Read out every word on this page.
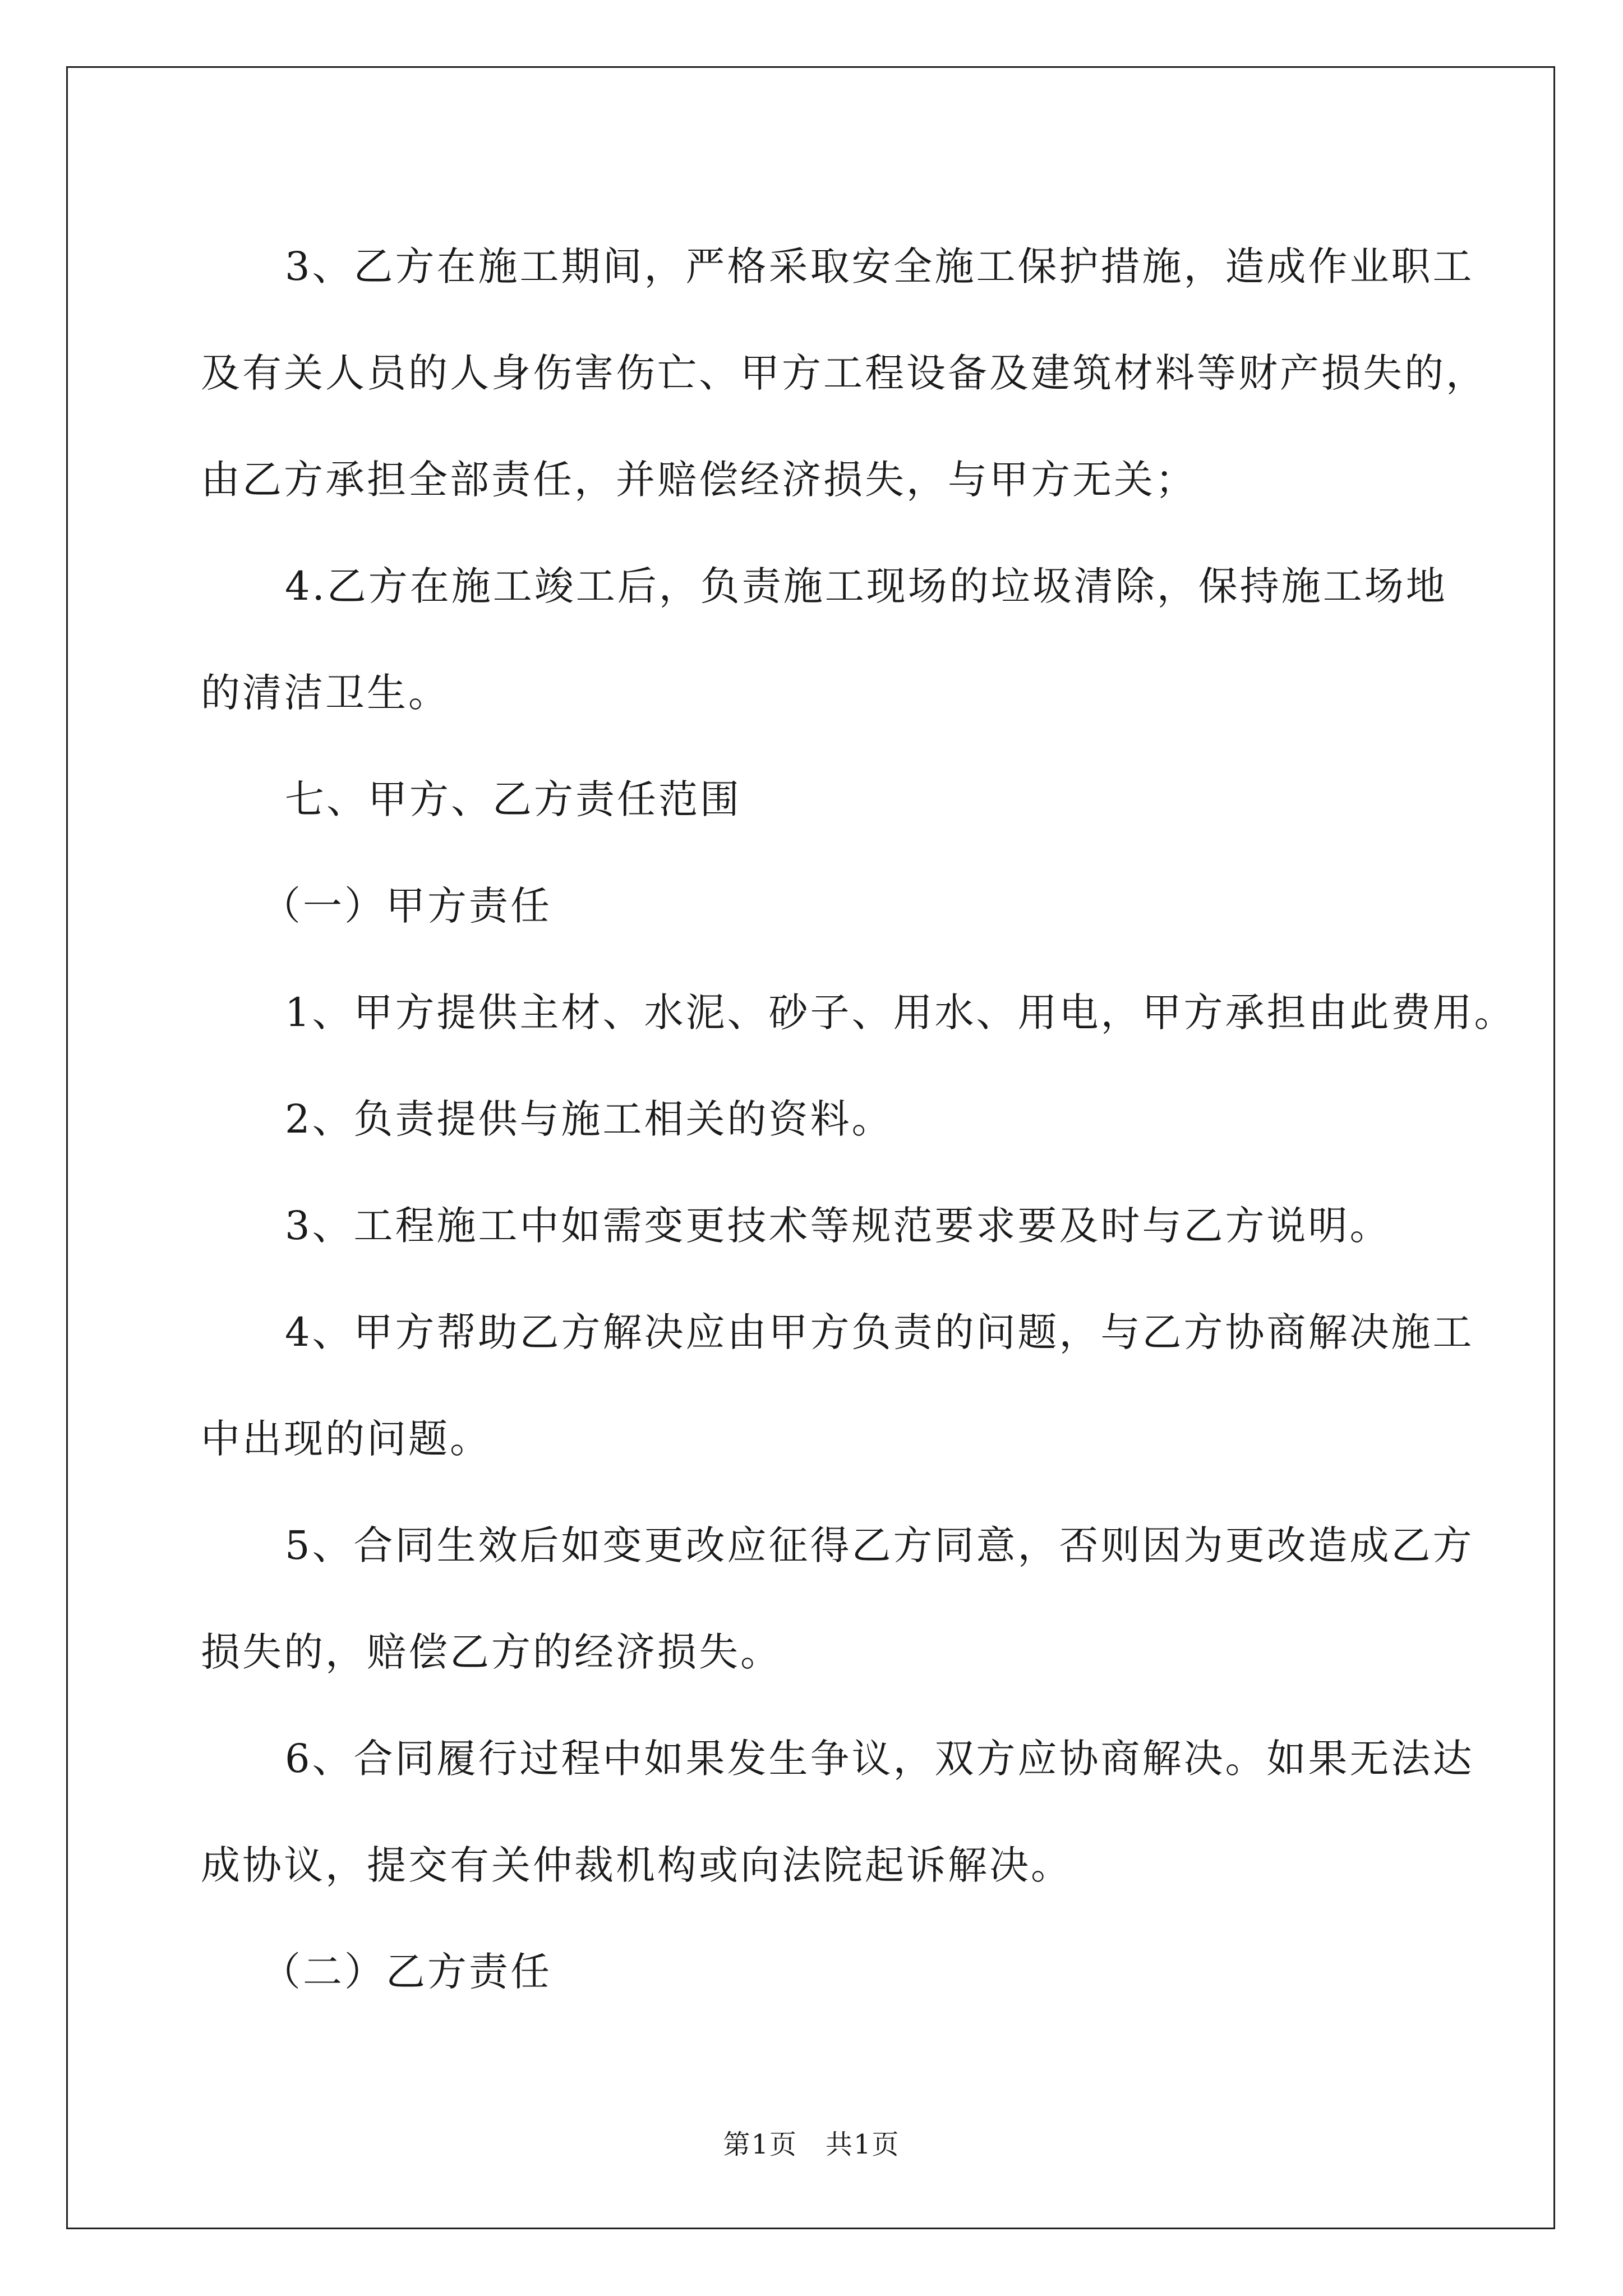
3、乙方在施工期间，严格采取安全施工保护措施，造成作业职工

及有关人员的人身伤害伤亡、甲方工程设备及建筑材料等财产损失的，

由乙方承担全部责任，并赔偿经济损失，与甲方无关；

4.乙方在施工竣工后，负责施工现场的垃圾清除，保持施工场地

的清洁卫生。

七、甲方、乙方责任范围

（一）甲方责任

1、甲方提供主材、水泥、砂子、用水、用电，甲方承担由此费用。

2、负责提供与施工相关的资料。

3、工程施工中如需变更技术等规范要求要及时与乙方说明。

4、甲方帮助乙方解决应由甲方负责的问题，与乙方协商解决施工

中出现的问题。

5、合同生效后如变更改应征得乙方同意，否则因为更改造成乙方

损失的，赔偿乙方的经济损失。

6、合同履行过程中如果发生争议，双方应协商解决。如果无法达

成协议，提交有关仲裁机构或向法院起诉解决。

（二）乙方责任

第1页　共1页
